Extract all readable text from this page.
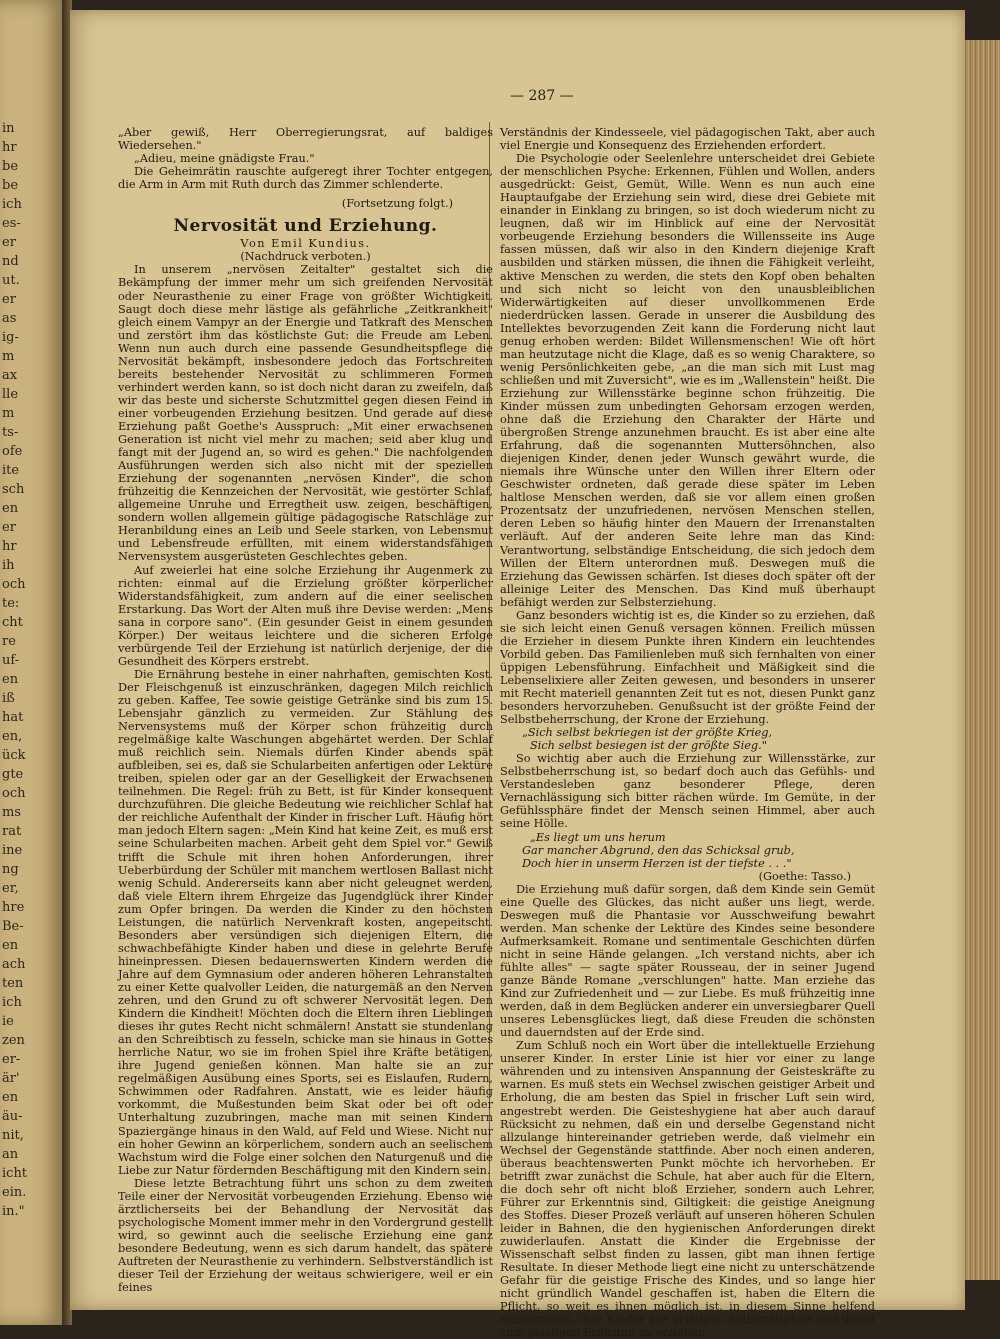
in
hr
be
be
ich
es-
er
nd
ut.
er
as
ig-
m
ax
lle
m
ts-
ofe
ite
sch
en
er
hr
ih
och
te:
cht
re
uf-
en
iß
hat
en,
ück
gte
och
ms
rat
ine
ng
er,
hre
Be-
en
ach
ten
ich
ie
zen
er-
är'
en
äu-
nit,
an
icht
ein.
in."
— 287 —

„Aber gewiß, Herr Oberregierungsrat, auf baldiges Wiedersehen."

„Adieu, meine gnädigste Frau."

Die Geheimrätin rauschte aufgeregt ihrer Tochter entgegen, die Arm in Arm mit Ruth durch das Zimmer schlenderte.

(Fortsetzung folgt.)

Nervosität und Erziehung.

Von Emil Kundius.

(Nachdruck verboten.)

In unserem „nervösen Zeitalter" gestaltet sich die Bekämpfung der immer mehr um sich greifenden Nervosität oder Neurasthenie zu einer Frage von größter Wichtigkeit. Saugt doch diese mehr lästige als gefährliche „Zeitkrankheit" gleich einem Vampyr an der Energie und Tatkraft des Menschen und zerstört ihm das köstlichste Gut: die Freude am Leben. Wenn nun auch durch eine passende Gesundheitspflege die Nervosität bekämpft, insbesondere jedoch das Fortschreiten bereits bestehender Nervosität zu schlimmeren Formen verhindert werden kann, so ist doch nicht daran zu zweifeln, daß wir das beste und sicherste Schutzmittel gegen diesen Feind in einer vorbeugenden Erziehung besitzen. Und gerade auf diese Erziehung paßt Goethe's Ausspruch: „Mit einer erwachsenen Generation ist nicht viel mehr zu machen; seid aber klug und fangt mit der Jugend an, so wird es gehen." Die nachfolgenden Ausführungen werden sich also nicht mit der speziellen Erziehung der sogenannten „nervösen Kinder", die schon frühzeitig die Kennzeichen der Nervosität, wie gestörter Schlaf, allgemeine Unruhe und Erregtheit usw. zeigen, beschäftigen, sondern wollen allgemein gültige pädagogische Ratschläge zur Heranbildung eines an Leib und Seele starken, von Lebensmut und Lebensfreude erfüllten, mit einem widerstandsfähigen Nervensystem ausgerüsteten Geschlechtes geben.

Auf zweierlei hat eine solche Erziehung ihr Augenmerk zu richten: einmal auf die Erzielung größter körperlicher Widerstandsfähigkeit, zum andern auf die einer seelischen Erstarkung. Das Wort der Alten muß ihre Devise werden: „Mens sana in corpore sano". (Ein gesunder Geist in einem gesunden Körper.) Der weitaus leichtere und die sicheren Erfolge verbürgende Teil der Erziehung ist natürlich derjenige, der die Gesundheit des Körpers erstrebt.

Die Ernährung bestehe in einer nahrhaften, gemischten Kost. Der Fleischgenuß ist einzuschränken, dagegen Milch reichlich zu geben. Kaffee, Tee sowie geistige Getränke sind bis zum 15. Lebensjahr gänzlich zu vermeiden. Zur Stählung des Nervensystems muß der Körper schon frühzeitig durch regelmäßige kalte Waschungen abgehärtet werden. Der Schlaf muß reichlich sein. Niemals dürfen Kinder abends spät aufbleiben, sei es, daß sie Schularbeiten anfertigen oder Lektüre treiben, spielen oder gar an der Geselligkeit der Erwachsenen teilnehmen. Die Regel: früh zu Bett, ist für Kinder konsequent durchzuführen. Die gleiche Bedeutung wie reichlicher Schlaf hat der reichliche Aufenthalt der Kinder in frischer Luft. Häufig hört man jedoch Eltern sagen: „Mein Kind hat keine Zeit, es muß erst seine Schularbeiten machen. Arbeit geht dem Spiel vor." Gewiß trifft die Schule mit ihren hohen Anforderungen, ihrer Ueberbürdung der Schüler mit manchem wertlosen Ballast nicht wenig Schuld. Andererseits kann aber nicht geleugnet werden, daß viele Eltern ihrem Ehrgeize das Jugendglück ihrer Kinder zum Opfer bringen. Da werden die Kinder zu den höchsten Leistungen, die natürlich Nervenkraft kosten, angepeitscht. Besonders aber versündigen sich diejenigen Eltern, die schwachbefähigte Kinder haben und diese in gelehrte Berufe hineinpressen. Diesen bedauernswerten Kindern werden die Jahre auf dem Gymnasium oder anderen höheren Lehranstalten zu einer Kette qualvoller Leiden, die naturgemäß an den Nerven zehren, und den Grund zu oft schwerer Nervosität legen. Den Kindern die Kindheit! Möchten doch die Eltern ihren Lieblingen dieses ihr gutes Recht nicht schmälern! Anstatt sie stundenlang an den Schreibtisch zu fesseln, schicke man sie hinaus in Gottes herrliche Natur, wo sie im frohen Spiel ihre Kräfte betätigen, ihre Jugend genießen können. Man halte sie an zur regelmäßigen Ausübung eines Sports, sei es Eislaufen, Rudern, Schwimmen oder Radfahren. Anstatt, wie es leider häufig vorkommt, die Mußestunden beim Skat oder bei oft oder Unterhaltung zuzubringen, mache man mit seinen Kindern Spaziergänge hinaus in den Wald, auf Feld und Wiese. Nicht nur ein hoher Gewinn an körperlichem, sondern auch an seelischem Wachstum wird die Folge einer solchen den Naturgenuß und die Liebe zur Natur fördernden Beschäftigung mit den Kindern sein.

Diese letzte Betrachtung führt uns schon zu dem zweiten Teile einer der Nervosität vorbeugenden Erziehung. Ebenso wie ärztlicherseits bei der Behandlung der Nervosität das psychologische Moment immer mehr in den Vordergrund gestellt wird, so gewinnt auch die seelische Erziehung eine ganz besondere Bedeutung, wenn es sich darum handelt, das spätere Auftreten der Neurasthenie zu verhindern. Selbstverständlich ist dieser Teil der Erziehung der weitaus schwierigere, weil er ein feines

Verständnis der Kindesseele, viel pädagogischen Takt, aber auch viel Energie und Konsequenz des Erziehenden erfordert.

Die Psychologie oder Seelenlehre unterscheidet drei Gebiete der menschlichen Psyche: Erkennen, Fühlen und Wollen, anders ausgedrückt: Geist, Gemüt, Wille. Wenn es nun auch eine Hauptaufgabe der Erziehung sein wird, diese drei Gebiete mit einander in Einklang zu bringen, so ist doch wiederum nicht zu leugnen, daß wir im Hinblick auf eine der Nervosität vorbeugende Erziehung besonders die Willensseite ins Auge fassen müssen, daß wir also in den Kindern diejenige Kraft ausbilden und stärken müssen, die ihnen die Fähigkeit verleiht, aktive Menschen zu werden, die stets den Kopf oben behalten und sich nicht so leicht von den unausbleiblichen Widerwärtigkeiten auf dieser unvollkommenen Erde niederdrücken lassen. Gerade in unserer die Ausbildung des Intellektes bevorzugenden Zeit kann die Forderung nicht laut genug erhoben werden: Bildet Willensmenschen! Wie oft hört man heutzutage nicht die Klage, daß es so wenig Charaktere, so wenig Persönlichkeiten gebe, „an die man sich mit Lust mag schließen und mit Zuversicht", wie es im „Wallenstein" heißt. Die Erziehung zur Willensstärke beginne schon frühzeitig. Die Kinder müssen zum unbedingten Gehorsam erzogen werden, ohne daß die Erziehung den Charakter der Härte und übergroßen Strenge anzunehmen braucht. Es ist aber eine alte Erfahrung, daß die sogenannten Muttersöhnchen, also diejenigen Kinder, denen jeder Wunsch gewährt wurde, die niemals ihre Wünsche unter den Willen ihrer Eltern oder Geschwister ordneten, daß gerade diese später im Leben haltlose Menschen werden, daß sie vor allem einen großen Prozentsatz der unzufriedenen, nervösen Menschen stellen, deren Leben so häufig hinter den Mauern der Irrenanstalten verläuft. Auf der anderen Seite lehre man das Kind: Verantwortung, selbständige Entscheidung, die sich jedoch dem Willen der Eltern unterordnen muß. Deswegen muß die Erziehung das Gewissen schärfen. Ist dieses doch später oft der alleinige Leiter des Menschen. Das Kind muß überhaupt befähigt werden zur Selbsterziehung.

Ganz besonders wichtig ist es, die Kinder so zu erziehen, daß sie sich leicht einen Genuß versagen können. Freilich müssen die Erzieher in diesem Punkte ihren Kindern ein leuchtendes Vorbild geben. Das Familienleben muß sich fernhalten von einer üppigen Lebensführung. Einfachheit und Mäßigkeit sind die Lebenselixiere aller Zeiten gewesen, und besonders in unserer mit Recht materiell genannten Zeit tut es not, diesen Punkt ganz besonders hervorzuheben. Genußsucht ist der größte Feind der Selbstbeherrschung, der Krone der Erziehung.

„Sich selbst bekriegen ist der größte Krieg,

Sich selbst besiegen ist der größte Sieg."

So wichtig aber auch die Erziehung zur Willensstärke, zur Selbstbeherrschung ist, so bedarf doch auch das Gefühls- und Verstandesleben ganz besonderer Pflege, deren Vernachlässigung sich bitter rächen würde. Im Gemüte, in der Gefühlssphäre findet der Mensch seinen Himmel, aber auch seine Hölle.

„Es liegt um uns herum

Gar mancher Abgrund, den das Schicksal grub,

Doch hier in unserm Herzen ist der tiefste . . ."

(Goethe: Tasso.)

Die Erziehung muß dafür sorgen, daß dem Kinde sein Gemüt eine Quelle des Glückes, das nicht außer uns liegt, werde. Deswegen muß die Phantasie vor Ausschweifung bewahrt werden. Man schenke der Lektüre des Kindes seine besondere Aufmerksamkeit. Romane und sentimentale Geschichten dürfen nicht in seine Hände gelangen. „Ich verstand nichts, aber ich fühlte alles" — sagte später Rousseau, der in seiner Jugend ganze Bände Romane „verschlungen" hatte. Man erziehe das Kind zur Zufriedenheit und — zur Liebe. Es muß frühzeitig inne werden, daß in dem Beglücken anderer ein unversiegbarer Quell unseres Lebensglückes liegt, daß diese Freuden die schönsten und dauerndsten auf der Erde sind.

Zum Schluß noch ein Wort über die intellektuelle Erziehung unserer Kinder. In erster Linie ist hier vor einer zu lange währenden und zu intensiven Anspannung der Geisteskräfte zu warnen. Es muß stets ein Wechsel zwischen geistiger Arbeit und Erholung, die am besten das Spiel in frischer Luft sein wird, angestrebt werden. Die Geisteshygiene hat aber auch darauf Rücksicht zu nehmen, daß ein und derselbe Gegenstand nicht allzulange hintereinander getrieben werde, daß vielmehr ein Wechsel der Gegenstände stattfinde. Aber noch einen anderen, überaus beachtenswerten Punkt möchte ich hervorheben. Er betrifft zwar zunächst die Schule, hat aber auch für die Eltern, die doch sehr oft nicht bloß Erzieher, sondern auch Lehrer, Führer zur Erkenntnis sind, Giltigkeit: die geistige Aneignung des Stoffes. Dieser Prozeß verläuft auf unseren höheren Schulen leider in Bahnen, die den hygienischen Anforderungen direkt zuwiderlaufen. Anstatt die Kinder die Ergebnisse der Wissenschaft selbst finden zu lassen, gibt man ihnen fertige Resultate. In dieser Methode liegt eine nicht zu unterschätzende Gefahr für die geistige Frische des Kindes, und so lange hier nicht gründlich Wandel geschaffen ist, haben die Eltern die Pflicht, so weit es ihnen möglich ist, in diesem Sinne helfend einzugreifen, ihre Kinder zur geistigen Selbsttätigkeit und damit zum geistigen Frohsinn zu erziehen.
